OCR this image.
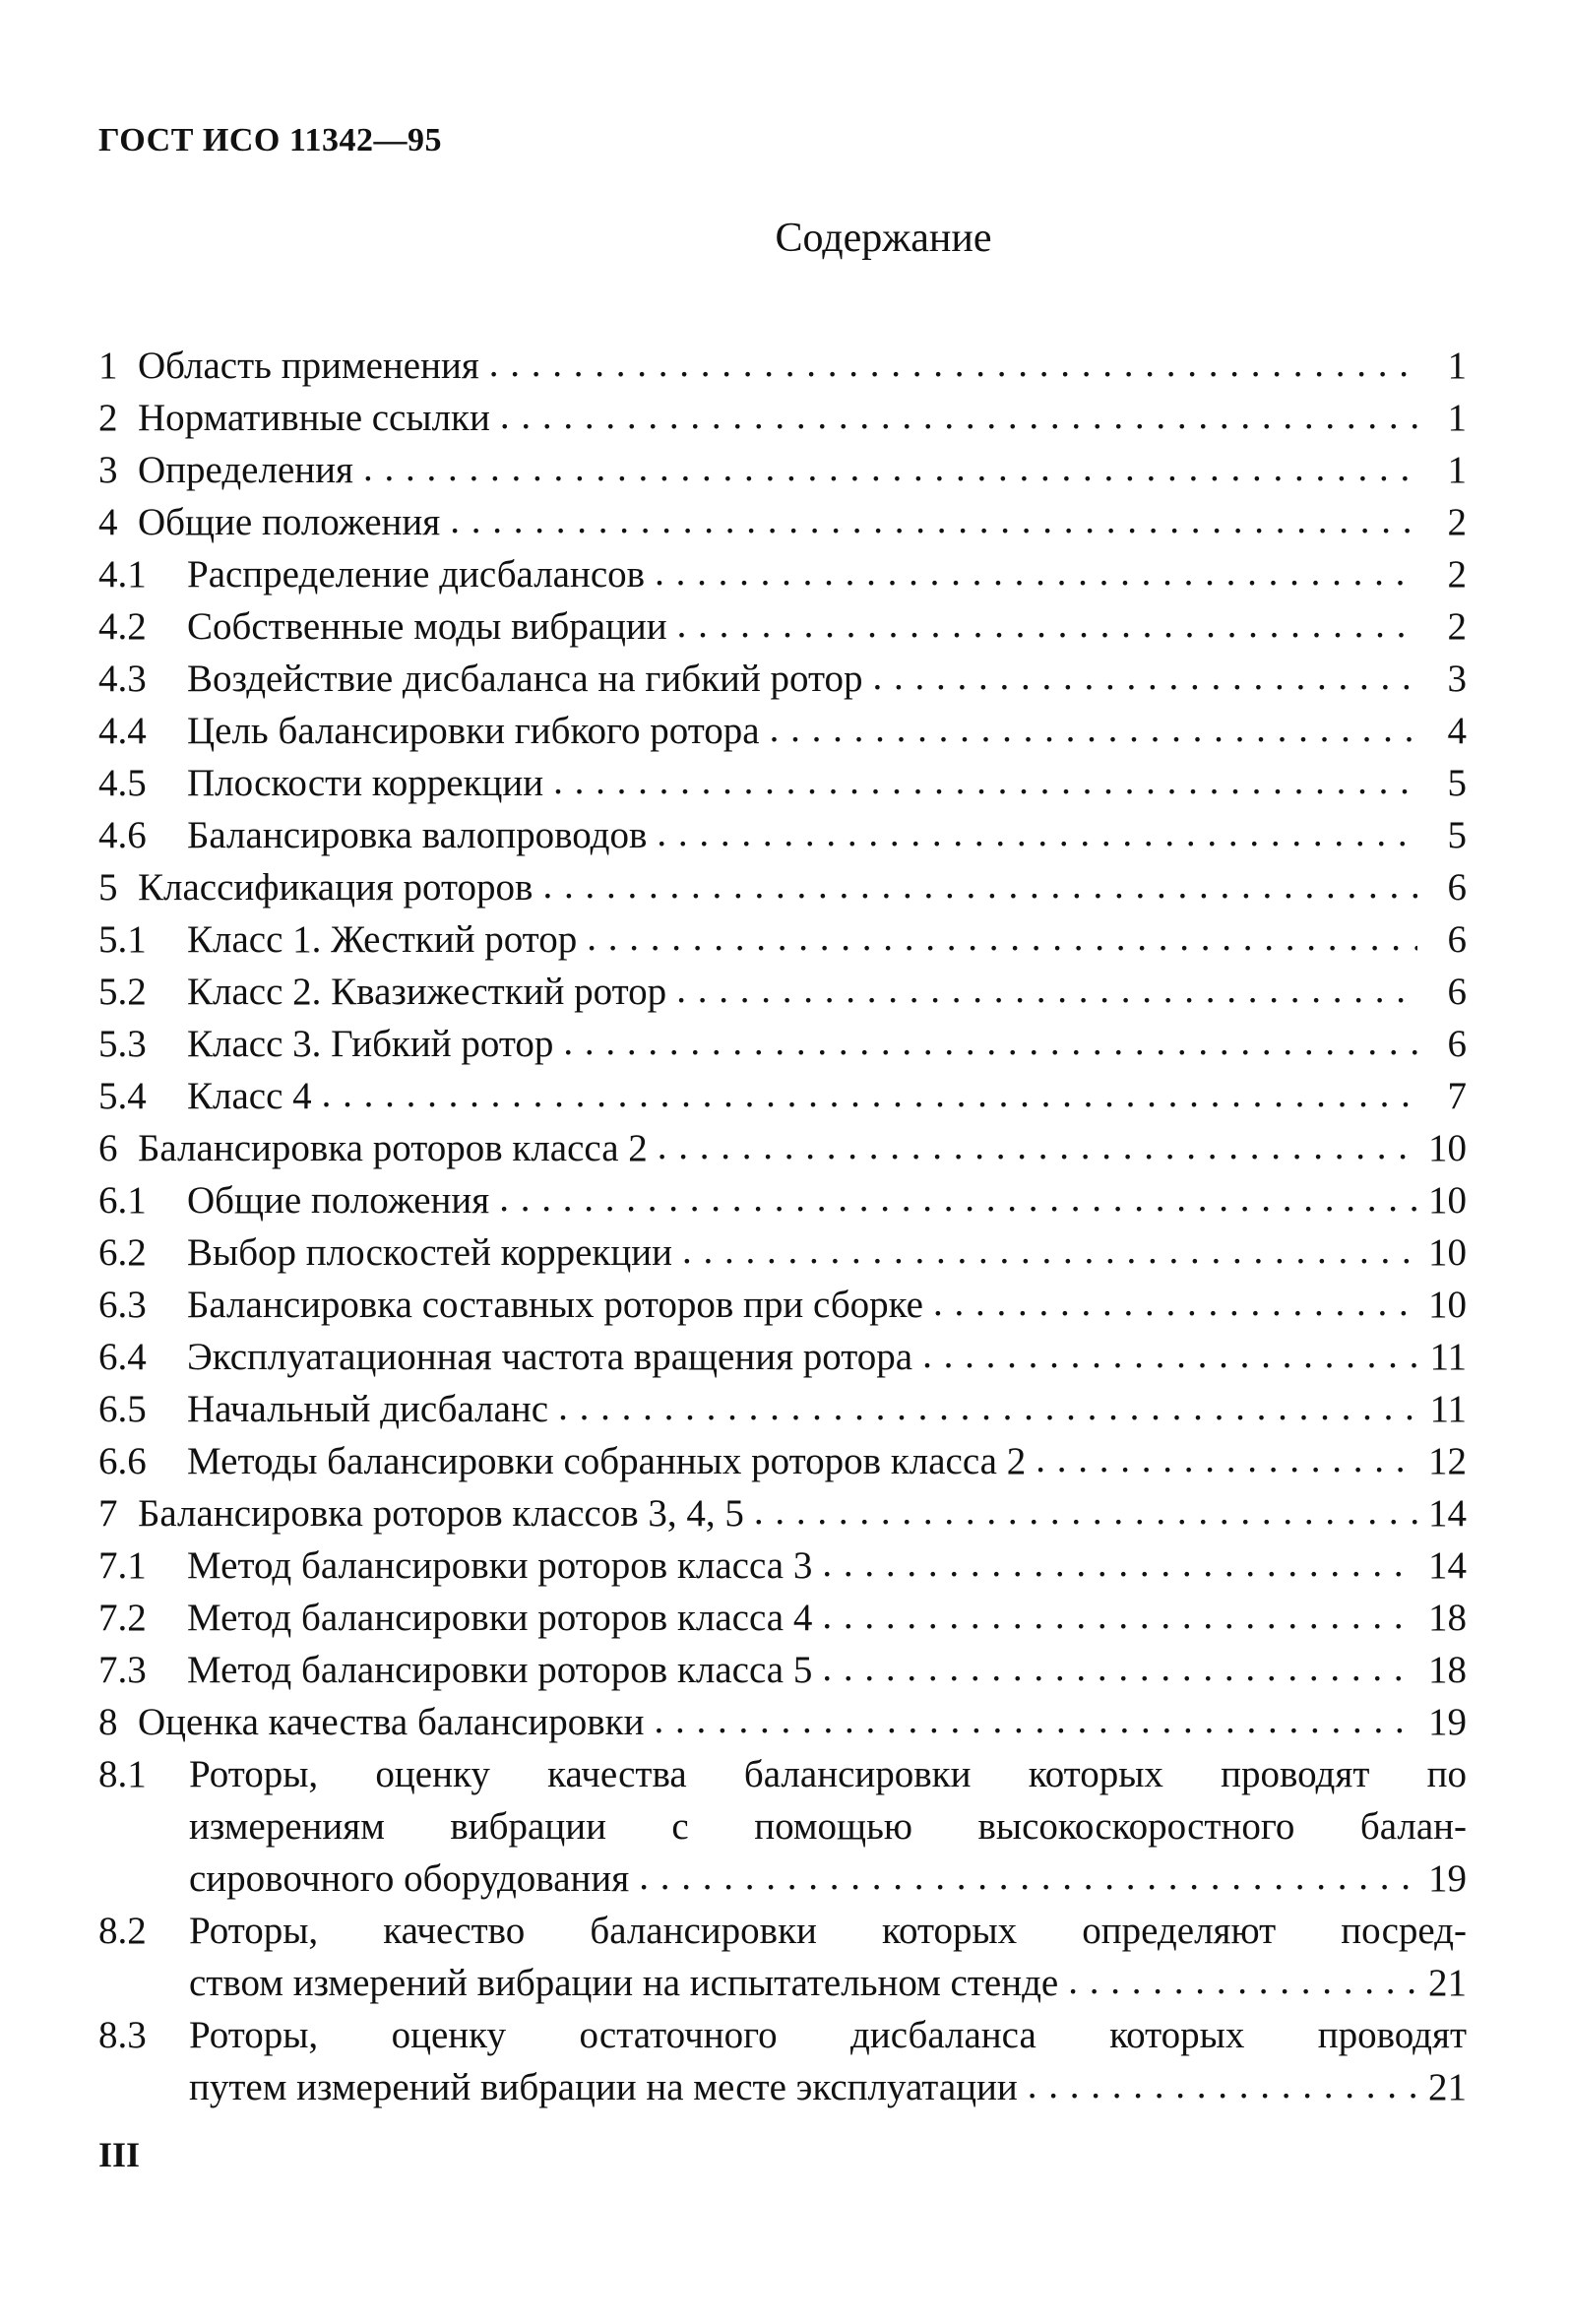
ГОСТ ИСО 11342—95
Содержание
1 Область применения . . .	1
2 Нормативные ссылки . . .	1
3 Определения . . .	1
4 Общие положения . . .	2
4.1 Распределение дисбалансов . . .	2
4.2 Собственные моды вибрации . . .	2
4.3 Воздействие дисбаланса на гибкий ротор . . .	3
4.4 Цель балансировки гибкого ротора . . .	4
4.5 Плоскости коррекции . . .	5
4.6 Балансировка валопроводов . . .	5
5 Классификация роторов . . .	6
5.1 Класс 1. Жесткий ротор . . .	6
5.2 Класс 2. Квазижесткий ротор . . .	6
5.3 Класс 3. Гибкий ротор . . .	6
5.4 Класс 4 . . .	7
6 Балансировка роторов класса 2 . . .	10
6.1 Общие положения . . .	10
6.2 Выбор плоскостей коррекции . . .	10
6.3 Балансировка составных роторов при сборке . . .	10
6.4 Эксплуатационная частота вращения ротора . . .	11
6.5 Начальный дисбаланс . . .	11
6.6 Методы балансировки собранных роторов класса 2 . . .	12
7 Балансировка роторов классов 3, 4, 5 . . .	14
7.1 Метод балансировки роторов класса 3 . . .	14
7.2 Метод балансировки роторов класса 4 . . .	18
7.3 Метод балансировки роторов класса 5 . . .	18
8 Оценка качества балансировки . . .	19
8.1 Роторы, оценку качества балансировки которых проводят по
измерениям вибрации с помощью высокоскоростного балан-
сировочного оборудования . . .	19
8.2 Роторы, качество балансировки которых определяют посред-
ством измерений вибрации на испытательном стенде . . .	21
8.3 Роторы, оценку остаточного дисбаланса которых проводят
путем измерений вибрации на месте эксплуатации . . .	21
III
